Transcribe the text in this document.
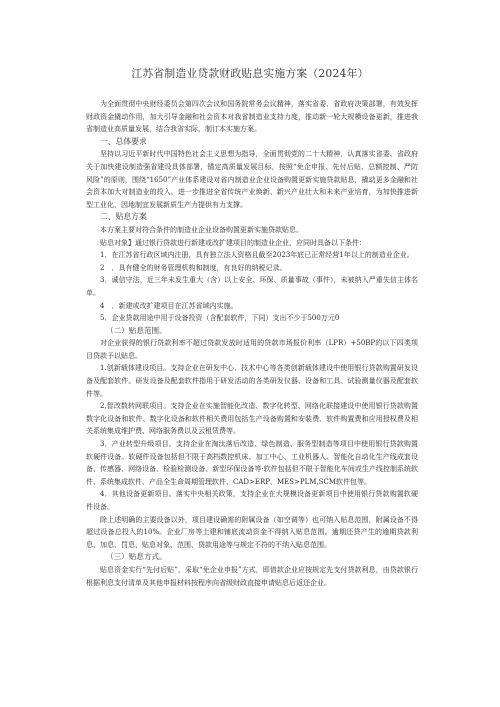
江苏省制造业贷款财政贴息实施方案（2024年）

为全面贯彻中央财经委员会第四次会议和国务院常务会议精神，落实省委、省政府决策部署，有效发挥财政资金撬动作用，加大引导金融和社会资本对我省制造业支持力度，推动新一轮大规模设备更新，推进我省制造业高质量发展，结合我省实际，制订本实施方案。

一、总体要求

坚持以习近平新时代中国特色社会主义思想为指导，全面贯彻党的二十大精神，认真落实省委、省政府关于加快建设制造强省建设具体部署，锚定高质量发展目标，按照“免企申报、先付后贴、总额控制、严防风险”的原则，围绕“1650”产业体系建设对省内制造业企业设备购置更新实施贷款贴息，撬动更多金融和社会资本加大对制造业的投入，进一步推进全省传统产业焕新、新兴产业壮大和未来产业培育，为加快推进新型工业化，因地制宜发展新质生产力提供有力支撑。

二、贴息方案

本方案主要对符合条件的制造业企业设备购置更新实施贷款贴息。

贴息对象】通过银行贷款进行新建或改扩建项目的制造业企业，应同时具备以下条件：

1．在江苏省行政区域内注册，具有独立法人资格且截至2023年底已正常经营1年以上的制造业企业。

2　．具有健全的财务管理机构和制度，有良好的纳税记录。

3．诚信守法，近三年未发生重大（含）以上安全、环保、质量事故（事件），未被纳入严重失信主体名单。

4　．新建或改扩建项目在江苏省域内实施。

5．企业贷款用途中用于设备投资（含配套软件，下同）支出不少于500万元0

（二）贴息范围。

对企业获得的银行贷款利率不超过贷款发放时适用的贷款市场报价利率（LPR）+50BP的以下四类项目贷款予以贴息。

1.创新载体建设项目。支持企业在研发中心、技术中心等各类创新载体建设中使用银行贷款购置研发设备及配套软件。研发设备及配套软件指用于研发活动的各类研发仪器、设备和工具、试验测量仪器及配套软件等。

2,智改数转网联项目。支持企业在实施智能化改造、数字化转型、网络化联接建设中使用银行贷款购置数字化设备和软件、数字化设备和软件相关费用包括生产设备购置和安装费、软件购置费和应用授权费及相关系统集成维护费、网络服务费以及云租赁费等。

3．产业转型升级项目。支持企业在淘汰落后改造、绿色制造、服务型制造等项目中使用银行贷款购置软硬件设备。软硬件设备包括但不限于高档数控机床、加工中心、工业机器人、智能化自动化生产线成套设备、传感器、网络设备、检验检测设备、新型环保设备等·软件包括但不限于智能化车间或生产线控制系统软件、系统集成软件、产品全生命周期管理软件、CAD>ERP、MES>PLM,SCM软件包等。

4．其他设备更新项目。落实中央相关政策，支持企业在大规模设备更新项目中使用银行贷款购置软硬件设备。

除上述明确的主要设备以外，项目建设确需的附属设备（如空调等）也可纳入贴息范围，附属设备不得超过设备总投入的10%。企业厂房等土建和铺底流动资金不得纳入贴息范围。逾期还贷产生的逾期贷款利息、加息、罚息，贴息对象、范围、贷款用途等与规定不符的不纳入贴息范围。

（三）贴息方式。

贴息资金实行“先付后贴”，采取“免企业申报”方式，即借款企业应按规定先支付贷款利息，由贷款银行根据利息支付清单及其他申报材料按程序向省级财政直接申请贴息后返还企业。
